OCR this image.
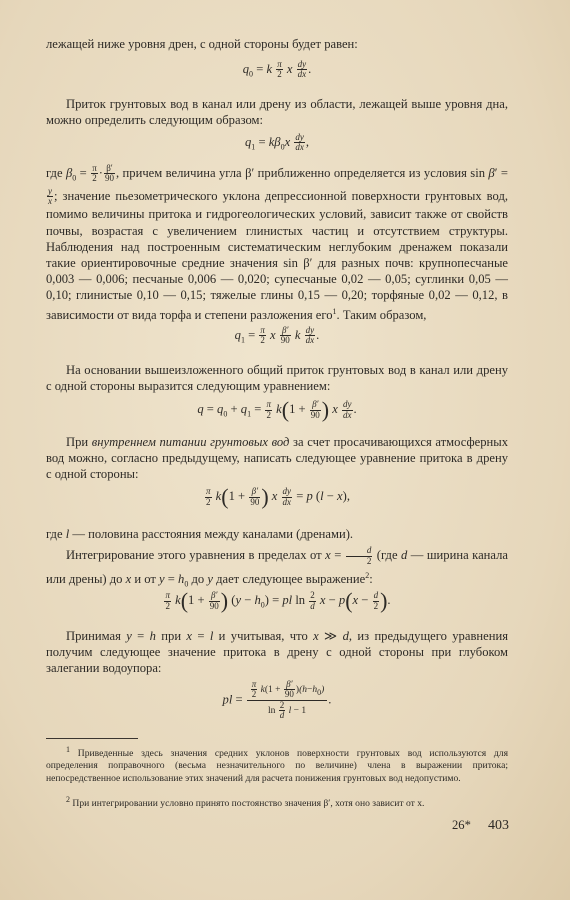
лежащей ниже уровня дрен, с одной стороны будет равен:

$q_0 = k \frac{\pi}{2}$ x $\frac{dy}{dx}$ .

Приток грунтовых вод в канал или дрену из области, лежащей выше уровня дна, можно определить следующим образом:

$q_1 = k\beta_0x \frac{dy}{dx}$ ,

где $\beta_0 = \frac{\pi}{2} \cdot \frac{\beta'}{90}$ , причем величина угла β′ приближенно определяется из условия sin β′ =
$\frac{y}{x}$ ; значение пьезометрического уклона депрессионной поверхности грунтовых вод, помимо величины притока и гидрогеологических условий, зависит также от свойств почвы, возрастая с увеличением глинистых частиц и отсутствием структуры. Наблюдения над построенным систематическим неглубоким дренажем показали такие ориентировочные средние значения sin β′ для разных почв: крупнопесчаные 0,003 — 0,006; песчаные 0,006 — 0,020; супесчаные 0,02 — 0,05; суглинки 0,05 — 0,10; глинистые 0,10 — 0,15; тяжелые глины 0,15 — 0,20; торфяные 0,02 — 0,12, в зависимости от вида торфа и степени разложения его$^1$. Таким образом,

$q_1 = \frac{\pi}{2}$ x $\frac{\beta'}{90}$ k $\frac{dy}{dx}$ .

На основании вышеизложенного общий приток грунтовых вод в канал или дрену с одной стороны выразится следующим уравнением:

$q = q_0 + q_1 = \frac{\pi}{2} k(1 + \frac{\beta'}{90}$ ) x $\frac{dy}{dx}$ .

При внутреннем питании грунтовых вод за счет просачивающихся атмосферных вод можно, согласно предыдущему, написать следующее уравнение притока в дрену с одной стороны:

$\frac{\pi}{2} k(1 + \frac{\beta'}{90}$ ) x $\frac{dy}{dx} = p$ (l − x),

где l — половина расстояния между каналами (дренами).

Интегрирование этого уравнения в пределах от $x = \frac{d}{2} (где$ d — ширина канала или дрены) до x и от $y = h_0$ до y дает следующее выражение$^2$:

$\frac{\pi}{2} k(1 + \frac{\beta'}{90}$ ) $(y - h_0)$ = pl $\ln \frac{2}{d}$ $x - p(x - \frac{d}{2}$ ).

Принимая y = h при x = l и учитывая, что x ≫ d, из предыдущего уравнения получим следующее значение притока в дрену с одной стороны при глубоком залегании водоупора:

pl = $\frac{\frac{\pi}{2} k(1 + \frac{\beta'}{90} )(h-h_0)}{\ln \frac{2}{d} l - 1}$ .
$^1$ Приведенные здесь значения средних уклонов поверхности грунтовых вод используются для определения поправочного (весьма незначительного по величине) члена в выражении притока; непосредственное использование этих значений для расчета понижения грунтовых вод недопустимо.
$^2$ При интегрировании условно принято постоянство значения β′, хотя оно зависит от x.
26* 403
